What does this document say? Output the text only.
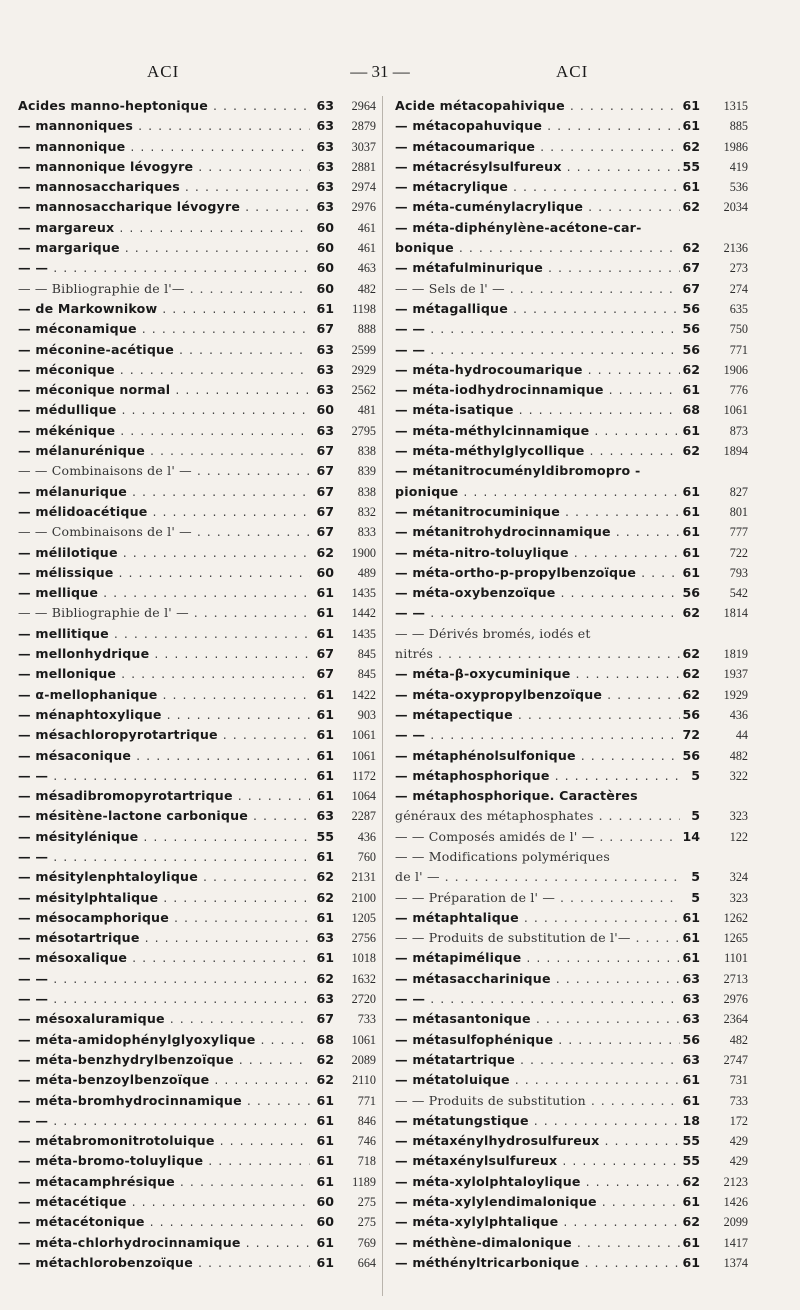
ACI	— 31 —	ACI
Acides manno-heptonique . . .	63	2964
— mannoniques . . .	63	2879
— mannonique . . .	63	3037
— mannonique lévogyre . . .	63	2881
— mannosacchariques . . .	63	2974
— mannosaccharique lévogyre . . .	63	2976
— margareux . . .	60	461
— margarique . . .	60	461
— — . . .	60	463
— — Bibliographie de l'— . . .	60	482
— de Markownikow . . .	61	1198
— méconamique . . .	67	888
— méconine-acétique . . .	63	2599
— méconique . . .	63	2929
— méconique normal . . .	63	2562
— médullique . . .	60	481
— mékénique . . .	63	2795
— mélanurénique . . .	67	838
— — Combinaisons de l' — . . .	67	839
— mélanurique . . .	67	838
— mélidoacétique . . .	67	832
— — Combinaisons de l' — . . .	67	833
— mélilotique . . .	62	1900
— mélissique . . .	60	489
— mellique . . .	61	1435
— — Bibliographie de l' — . . .	61	1442
— mellitique . . .	61	1435
— mellonhydrique . . .	67	845
— mellonique . . .	67	845
— α-mellophanique . . .	61	1422
— ménaphtoxylique . . .	61	903
— mésachloropyrotartrique . . .	61	1061
— mésaconique . . .	61	1061
— — . . .	61	1172
— mésadibromopyrotartrique . . .	61	1064
— mésitène-lactone carbonique . . .	63	2287
— mésitylénique . . .	55	436
— — . . .	61	760
— mésitylenphtaloylique . . .	62	2131
— mésitylphtalique . . .	62	2100
— mésocamphorique . . .	61	1205
— mésotartrique . . .	63	2756
— mésoxalique . . .	61	1018
— — . . .	62	1632
— — . . .	63	2720
— mésoxaluramique . . .	67	733
— méta-amidophénylglyoxylique . . .	68	1061
— méta-benzhydrylbenzoïque . . .	62	2089
— méta-benzoylbenzoïque . . .	62	2110
— méta-bromhydrocinnamique . . .	61	771
— — . . .	61	846
— métabromonitrotoluique . . .	61	746
— méta-bromo-toluylique . . .	61	718
— métacamphrésique . . .	61	1189
— métacétique . . .	60	275
— métacétonique . . .	60	275
— méta-chlorhydrocinnamique . . .	61	769
— métachlorobenzoïque . . .	61	664
Acide métacopahivique . . .	61	1315
— métacopahuvique . . .	61	885
— métacoumarique . . .	62	1986
— métacrésylsulfureux . . .	55	419
— métacrylique . . .	61	536
— méta-cuménylacrylique . . .	62	2034
— méta-diphénylène-acétone-car-
bonique . . .	62	2136
— métafulminurique . . .	67	273
— — Sels de l' — . . .	67	274
— métagallique . . .	56	635
— — . . .	56	750
— — . . .	56	771
— méta-hydrocoumarique . . .	62	1906
— méta-iodhydrocinnamique . . .	61	776
— méta-isatique . . .	68	1061
— méta-méthylcinnamique . . .	61	873
— méta-méthylglycollique . . .	62	1894
— métanitrocuményldibromopro -
pionique . . .	61	827
— métanitrocuminique . . .	61	801
— métanitrohydrocinnamique . . .	61	777
— méta-nitro-toluylique . . .	61	722
— méta-ortho-p-propylbenzoïque . . .	61	793
— méta-oxybenzoïque . . .	56	542
— — . . .	62	1814
— — Dérivés bromés, iodés et
nitrés . . .	62	1819
— méta-β-oxycuminique . . .	62	1937
— méta-oxypropylbenzoïque . . .	62	1929
— métapectique . . .	56	436
— — . . .	72	44
— métaphénolsulfonique . . .	56	482
— métaphosphorique . . .	5	322
— métaphosphorique. Caractères
généraux des métaphosphates . . .	5	323
— — Composés amidés de l' — . . .	14	122
— — Modifications polymériques
de l' — . . .	5	324
— — Préparation de l' — . . .	5	323
— métaphtalique . . .	61	1262
— — Produits de substitution de l'— . . .	61	1265
— métapimélique . . .	61	1101
— métasaccharinique . . .	63	2713
— — . . .	63	2976
— métasantonique . . .	63	2364
— métasulfophénique . . .	56	482
— métatartrique . . .	63	2747
— métatoluique . . .	61	731
— — Produits de substitution . . .	61	733
— métatungstique . . .	18	172
— métaxénylhydrosulfureux . . .	55	429
— métaxénylsulfureux . . .	55	429
— méta-xylolphtaloylique . . .	62	2123
— méta-xylylendimalonique . . .	61	1426
— méta-xylylphtalique . . .	62	2099
— méthène-dimalonique . . .	61	1417
— méthényltricarbonique . . .	61	1374
